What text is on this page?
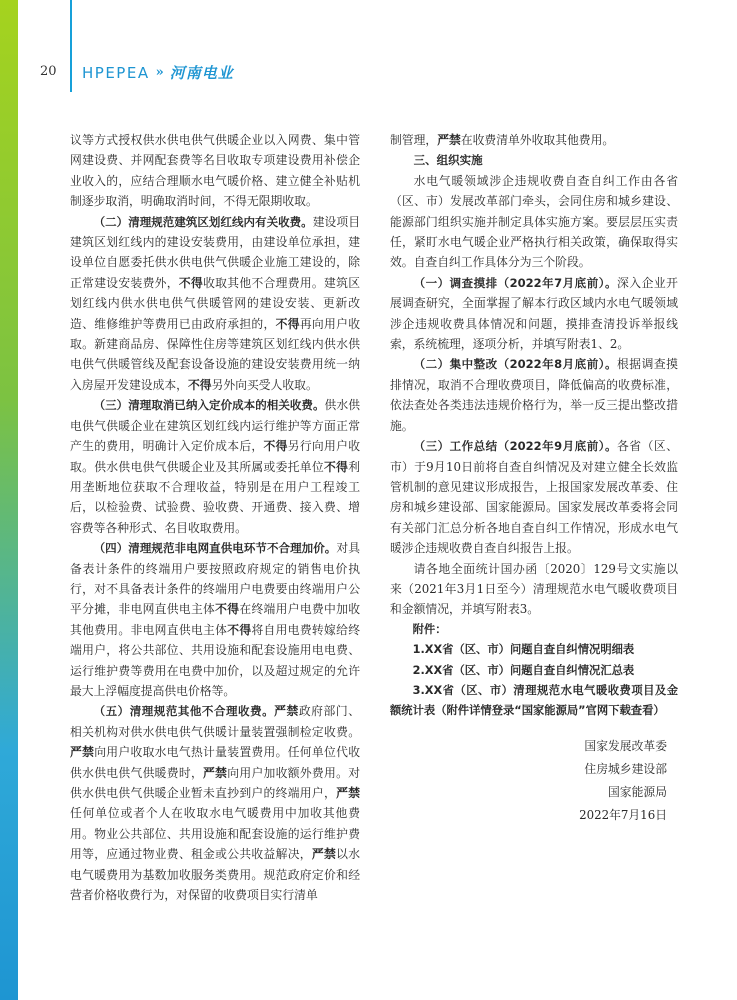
20 HPEPEA » 河南电业

议等方式授权供水供电供气供暖企业以入网费、集中管网建设费、并网配套费等名目收取专项建设费用补偿企业收入的，应结合理顺水电气暖价格、建立健全补贴机制逐步取消，明确取消时间，不得无限期收取。

（二）清理规范建筑区划红线内有关收费。建设项目建筑区划红线内的建设安装费用，由建设单位承担，建设单位自愿委托供水供电供气供暖企业施工建设的，除正常建设安装费外，不得收取其他不合理费用。建筑区划红线内供水供电供气供暖管网的建设安装、更新改造、维修维护等费用已由政府承担的，不得再向用户收取。新建商品房、保障性住房等建筑区划红线内供水供电供气供暖管线及配套设备设施的建设安装费用统一纳入房屋开发建设成本，不得另外向买受人收取。

（三）清理取消已纳入定价成本的相关收费。供水供电供气供暖企业在建筑区划红线内运行维护等方面正常产生的费用，明确计入定价成本后，不得另行向用户收取。供水供电供气供暖企业及其所属或委托单位不得利用垄断地位获取不合理收益，特别是在用户工程竣工后，以检验费、试验费、验收费、开通费、接入费、增容费等各种形式、名目收取费用。

（四）清理规范非电网直供电环节不合理加价。对具备表计条件的终端用户要按照政府规定的销售电价执行，对不具备表计条件的终端用户电费要由终端用户公平分摊，非电网直供电主体不得在终端用户电费中加收其他费用。非电网直供电主体不得将自用电费转嫁给终端用户，将公共部位、共用设施和配套设施用电电费、运行维护费等费用在电费中加价，以及超过规定的允许最大上浮幅度提高供电价格等。

（五）清理规范其他不合理收费。严禁政府部门、相关机构对供水供电供气供暖计量装置强制检定收费。严禁向用户收取水电气热计量装置费用。任何单位代收供水供电供气供暖费时，严禁向用户加收额外费用。对供水供电供气供暖企业暂未直抄到户的终端用户，严禁任何单位或者个人在收取水电气暖费用中加收其他费用。物业公共部位、共用设施和配套设施的运行维护费用等，应通过物业费、租金或公共收益解决，严禁以水电气暖费用为基数加收服务类费用。规范政府定价和经营者价格收费行为，对保留的收费项目实行清单

制管理，严禁在收费清单外收取其他费用。

三、组织实施

水电气暖领域涉企违规收费自查自纠工作由各省（区、市）发展改革部门牵头，会同住房和城乡建设、能源部门组织实施并制定具体实施方案。要层层压实责任，紧盯水电气暖企业严格执行相关政策，确保取得实效。自查自纠工作具体分为三个阶段。

（一）调查摸排（2022年7月底前）。深入企业开展调查研究，全面掌握了解本行政区域内水电气暖领域涉企违规收费具体情况和问题，摸排查清投诉举报线索，系统梳理，逐项分析，并填写附表1、2。

（二）集中整改（2022年8月底前）。根据调查摸排情况，取消不合理收费项目，降低偏高的收费标准，依法查处各类违法违规价格行为，举一反三提出整改措施。

（三）工作总结（2022年9月底前）。各省（区、市）于9月10日前将自查自纠情况及对建立健全长效监管机制的意见建议形成报告，上报国家发展改革委、住房和城乡建设部、国家能源局。国家发展改革委将会同有关部门汇总分析各地自查自纠工作情况，形成水电气暖涉企违规收费自查自纠报告上报。

请各地全面统计国办函〔2020〕129号文实施以来（2021年3月1日至今）清理规范水电气暖收费项目和金额情况，并填写附表3。

附件：

1.XX省（区、市）问题自查自纠情况明细表

2.XX省（区、市）问题自查自纠情况汇总表

3.XX省（区、市）清理规范水电气暖收费项目及金额统计表（附件详情登录“国家能源局”官网下载查看）

国家发展改革委
住房城乡建设部
国家能源局
2022年7月16日
